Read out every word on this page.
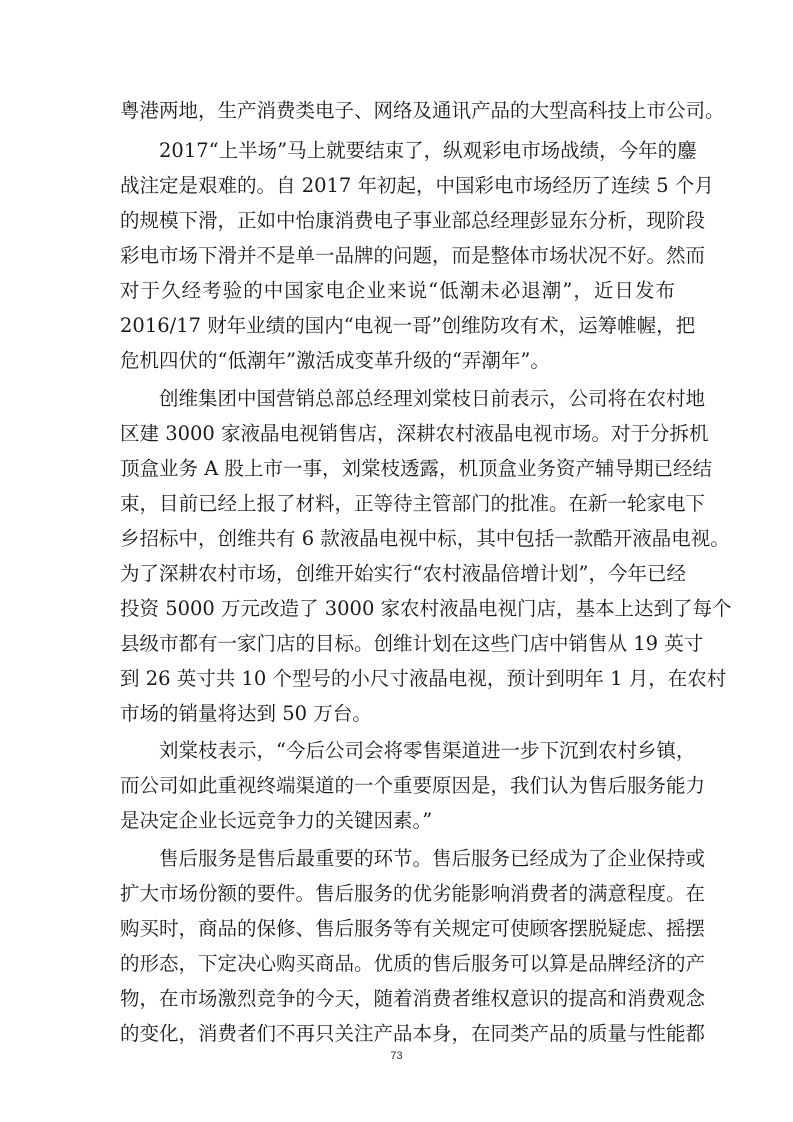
粤港两地，生产消费类电子、网络及通讯产品的大型高科技上市公司。
2017“上半场”马上就要结束了，纵观彩电市场战绩，今年的鏖
战注定是艰难的。自 2017 年初起，中国彩电市场经历了连续 5 个月
的规模下滑，正如中怡康消费电子事业部总经理彭显东分析，现阶段
彩电市场下滑并不是单一品牌的问题，而是整体市场状况不好。然而
对于久经考验的中国家电企业来说“低潮未必退潮”，近日发布
2016/17 财年业绩的国内“电视一哥”创维防攻有术，运筹帷幄，把
危机四伏的“低潮年”激活成变革升级的“弄潮年”。
创维集团中国营销总部总经理刘棠枝日前表示，公司将在农村地
区建 3000 家液晶电视销售店，深耕农村液晶电视市场。对于分拆机
顶盒业务 A 股上市一事，刘棠枝透露，机顶盒业务资产辅导期已经结
束，目前已经上报了材料，正等待主管部门的批准。在新一轮家电下
乡招标中，创维共有 6 款液晶电视中标，其中包括一款酷开液晶电视。
为了深耕农村市场，创维开始实行“农村液晶倍增计划”，今年已经
投资 5000 万元改造了 3000 家农村液晶电视门店，基本上达到了每个
县级市都有一家门店的目标。创维计划在这些门店中销售从 19 英寸
到 26 英寸共 10 个型号的小尺寸液晶电视，预计到明年 1 月，在农村
市场的销量将达到 50 万台。
刘棠枝表示，“今后公司会将零售渠道进一步下沉到农村乡镇，
而公司如此重视终端渠道的一个重要原因是，我们认为售后服务能力
是决定企业长远竞争力的关键因素。”
售后服务是售后最重要的环节。售后服务已经成为了企业保持或
扩大市场份额的要件。售后服务的优劣能影响消费者的满意程度。在
购买时，商品的保修、售后服务等有关规定可使顾客摆脱疑虑、摇摆
的形态，下定决心购买商品。优质的售后服务可以算是品牌经济的产
物，在市场激烈竞争的今天，随着消费者维权意识的提高和消费观念
的变化，消费者们不再只关注产品本身，在同类产品的质量与性能都
73
